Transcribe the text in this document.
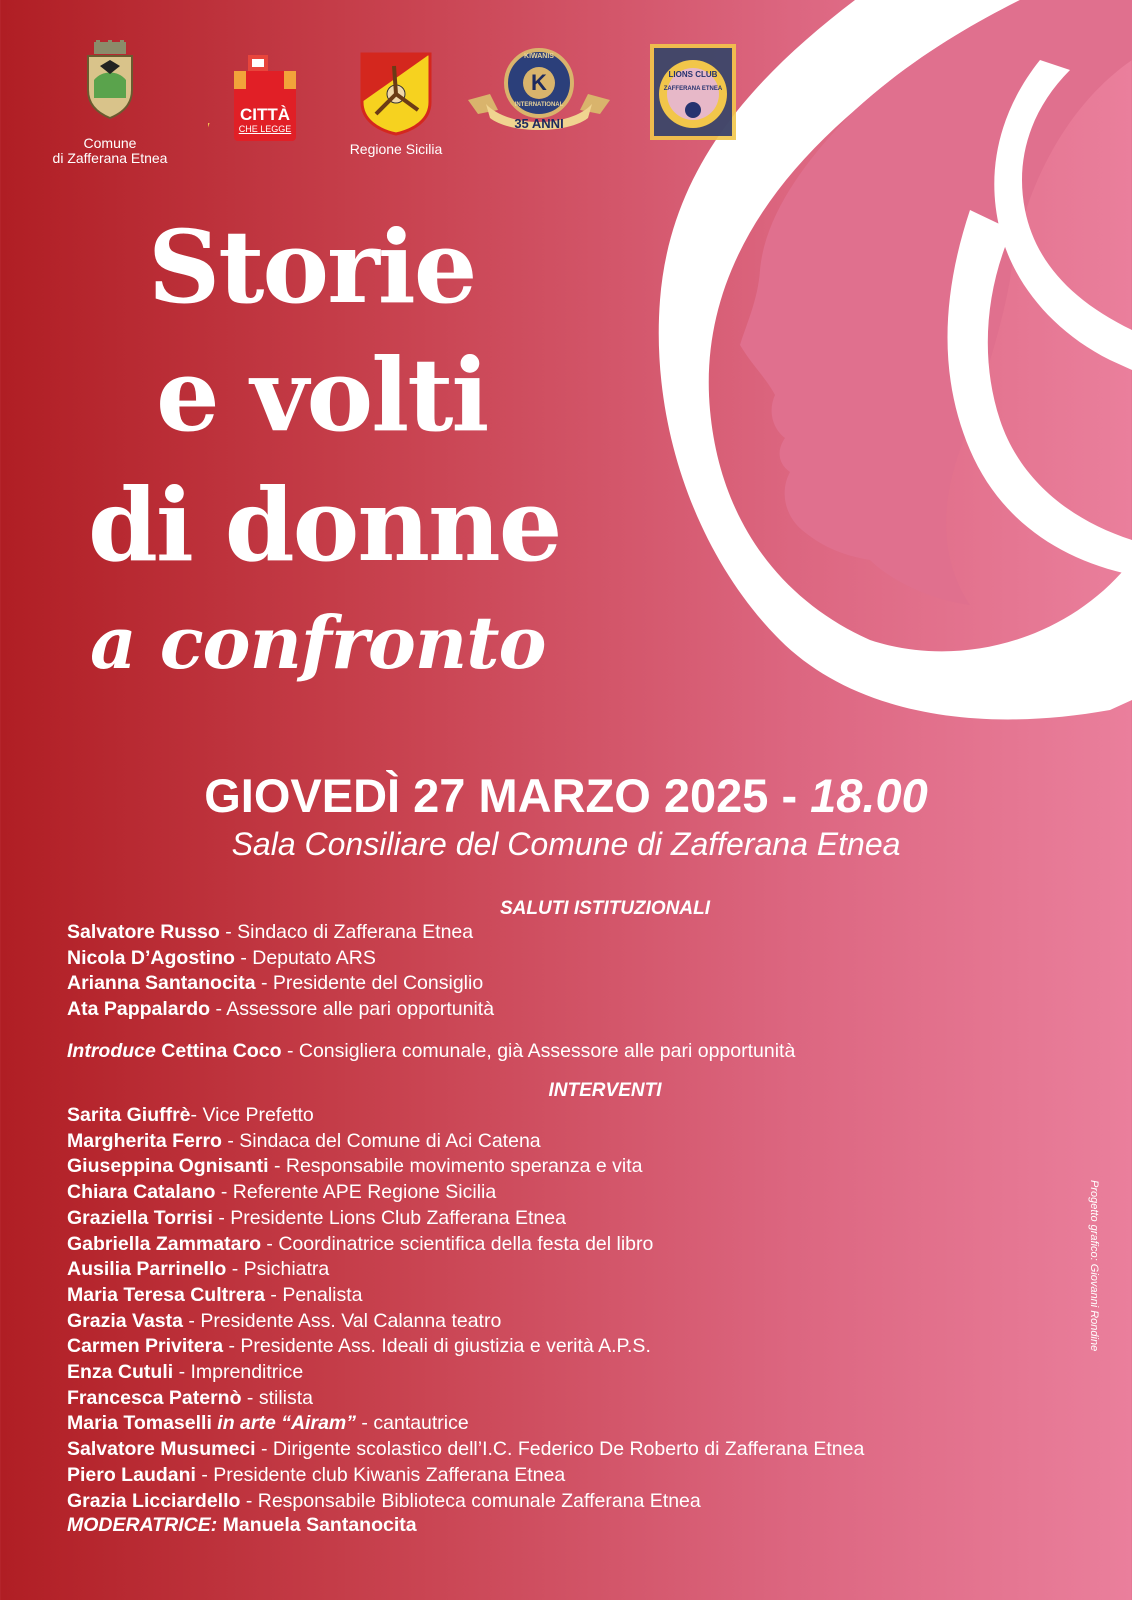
Comune
di Zafferana Etnea
CITTÀ
CHE LEGGE
Regione Sicilia
K
KIWANIS
INTERNATIONAL
35 ANNI
LIONS CLUB
ZAFFERANA ETNEA
Storie
e volti
di donne
a confronto
GIOVEDÌ 27 MARZO 2025 - 18.00
Sala Consiliare del Comune di Zafferana Etnea
SALUTI ISTITUZIONALI
Salvatore Russo - Sindaco di Zafferana Etnea
Nicola D’Agostino - Deputato ARS
Arianna Santanocita - Presidente del Consiglio
Ata Pappalardo - Assessore alle pari opportunità
Introduce Cettina Coco - Consigliera comunale, già Assessore alle pari opportunità
INTERVENTI
Sarita Giuffrè- Vice Prefetto
Margherita Ferro - Sindaca del Comune di Aci Catena
Giuseppina Ognisanti - Responsabile movimento speranza e vita
Chiara Catalano - Referente APE Regione Sicilia
Graziella Torrisi - Presidente Lions Club Zafferana Etnea
Gabriella Zammataro - Coordinatrice scientifica della festa del libro
Ausilia Parrinello - Psichiatra
Maria Teresa Cultrera - Penalista
Grazia Vasta - Presidente Ass. Val Calanna teatro
Carmen Privitera - Presidente Ass. Ideali di giustizia e verità A.P.S.
Enza Cutuli - Imprenditrice
Francesca Paternò - stilista
Maria Tomaselli in arte “Airam” - cantautrice
Salvatore Musumeci - Dirigente scolastico dell’I.C. Federico De Roberto di Zafferana Etnea
Piero Laudani - Presidente club Kiwanis Zafferana Etnea
Grazia Licciardello - Responsabile Biblioteca comunale Zafferana Etnea
MODERATRICE: Manuela Santanocita
Progetto grafico: Giovanni Rondine
